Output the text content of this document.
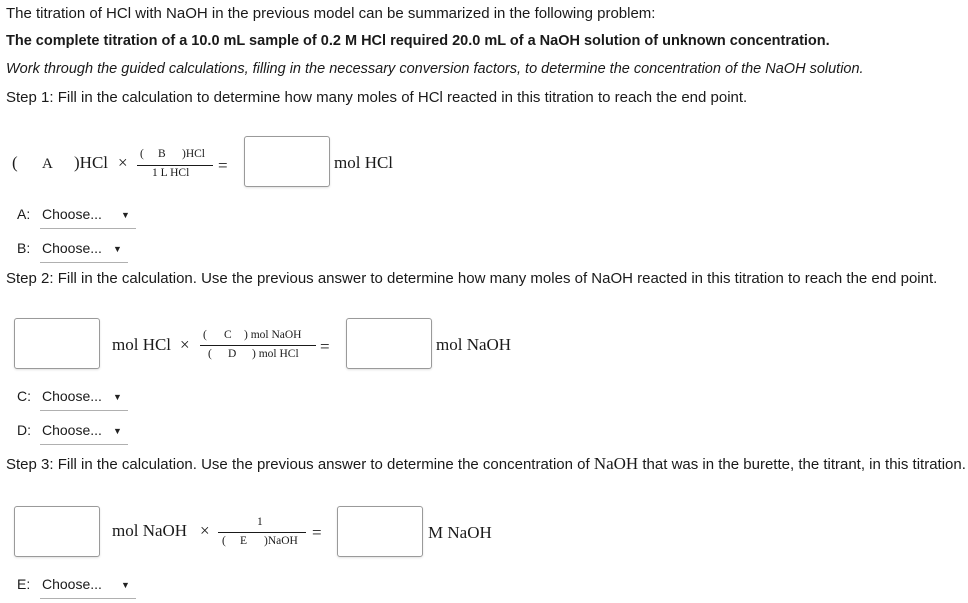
The titration of HCl with NaOH in the previous model can be summarized in the following problem:
The complete titration of a 10.0 mL sample of 0.2 M HCl required 20.0 mL of a NaOH solution of unknown concentration.
Work through the guided calculations, filling in the necessary conversion factors, to determine the concentration of the NaOH solution.
Step 1: Fill in the calculation to determine how many moles of HCl reacted in this titration to reach the end point.
( A )HCl × ( B )HCl
1 L HCl =	mol HCl
A: Choose... ▼
B: Choose... ▼
Step 2: Fill in the calculation. Use the previous answer to determine how many moles of NaOH reacted in this titration to reach the end point.
mol HCl × ( C ) mol NaOH
( D ) mol HCl =	mol NaOH
C: Choose... ▼
D: Choose... ▼
Step 3: Fill in the calculation. Use the previous answer to determine the concentration of NaOH that was in the burette, the titrant, in this titration.
mol NaOH ×	1
( E )NaOH =	M NaOH
E: Choose... ▼
